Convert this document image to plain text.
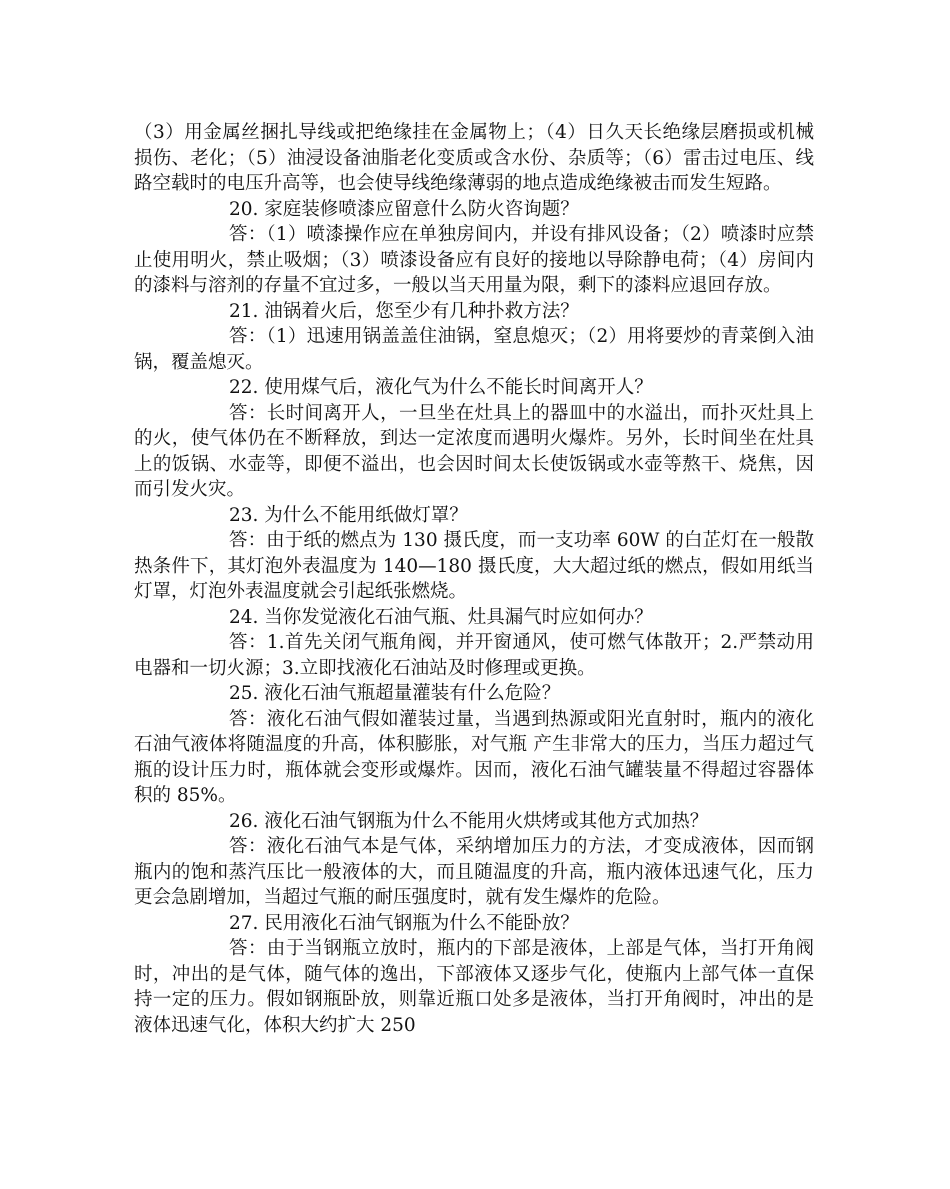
（3）用金属丝捆扎导线或把绝缘挂在金属物上；（4）日久天长绝缘层磨损或机械损伤、老化；（5）油浸设备油脂老化变质或含水份、杂质等；（6）雷击过电压、线路空载时的电压升高等，也会使导线绝缘薄弱的地点造成绝缘被击而发生短路。

20. 家庭装修喷漆应留意什么防火咨询题？

答：（1）喷漆操作应在单独房间内，并设有排风设备；（2）喷漆时应禁止使用明火，禁止吸烟；（3）喷漆设备应有良好的接地以导除静电荷；（4）房间内的漆料与溶剂的存量不宜过多，一般以当天用量为限，剩下的漆料应退回存放。

21. 油锅着火后，您至少有几种扑救方法？

答：（1）迅速用锅盖盖住油锅，窒息熄灭；（2）用将要炒的青菜倒入油锅，覆盖熄灭。

22. 使用煤气后，液化气为什么不能长时间离开人？

答：长时间离开人，一旦坐在灶具上的器皿中的水溢出，而扑灭灶具上的火，使气体仍在不断释放，到达一定浓度而遇明火爆炸。另外，长时间坐在灶具上的饭锅、水壶等，即便不溢出，也会因时间太长使饭锅或水壶等熬干、烧焦，因而引发火灾。

23. 为什么不能用纸做灯罩？

答：由于纸的燃点为 130 摄氏度，而一支功率 60W 的白芷灯在一般散热条件下，其灯泡外表温度为 140—180 摄氏度，大大超过纸的燃点，假如用纸当灯罩，灯泡外表温度就会引起纸张燃烧。

24. 当你发觉液化石油气瓶、灶具漏气时应如何办？

答：1.首先关闭气瓶角阀，并开窗通风，使可燃气体散开；2.严禁动用电器和一切火源；3.立即找液化石油站及时修理或更换。

25. 液化石油气瓶超量灌装有什么危险？

答：液化石油气假如灌装过量，当遇到热源或阳光直射时，瓶内的液化石油气液体将随温度的升高，体积膨胀，对气瓶 产生非常大的压力，当压力超过气瓶的设计压力时，瓶体就会变形或爆炸。因而，液化石油气罐装量不得超过容器体积的 85%。

26. 液化石油气钢瓶为什么不能用火烘烤或其他方式加热？

答：液化石油气本是气体，采纳增加压力的方法，才变成液体，因而钢瓶内的饱和蒸汽压比一般液体的大，而且随温度的升高，瓶内液体迅速气化，压力更会急剧增加，当超过气瓶的耐压强度时，就有发生爆炸的危险。

27. 民用液化石油气钢瓶为什么不能卧放？

答：由于当钢瓶立放时，瓶内的下部是液体，上部是气体，当打开角阀时，冲出的是气体，随气体的逸出，下部液体又逐步气化，使瓶内上部气体一直保持一定的压力。假如钢瓶卧放，则靠近瓶口处多是液体，当打开角阀时，冲出的是液体迅速气化，体积大约扩大 250
